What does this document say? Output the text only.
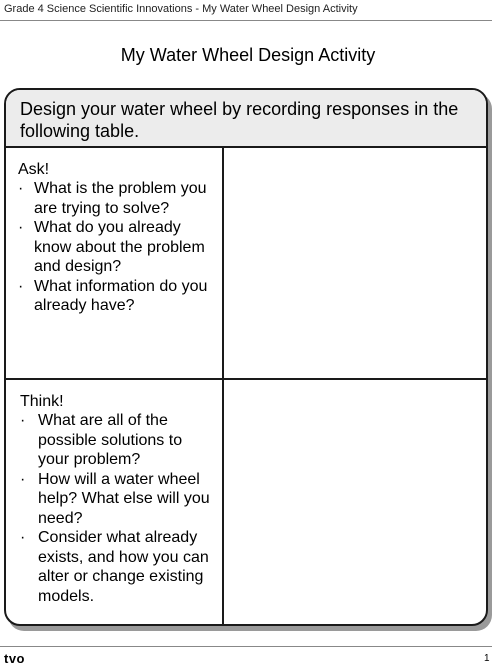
Grade 4 Science Scientific Innovations - My Water Wheel Design Activity
My Water Wheel Design Activity
Design your water wheel by recording responses in the following table.
Ask!
· What is the problem you are trying to solve?
· What do you already know about the problem and design?
· What information do you already have?
Think!
· What are all of the possible solutions to your problem?
· How will a water wheel help? What else will you need?
· Consider what already exists, and how you can alter or change existing models.
tvo	1
